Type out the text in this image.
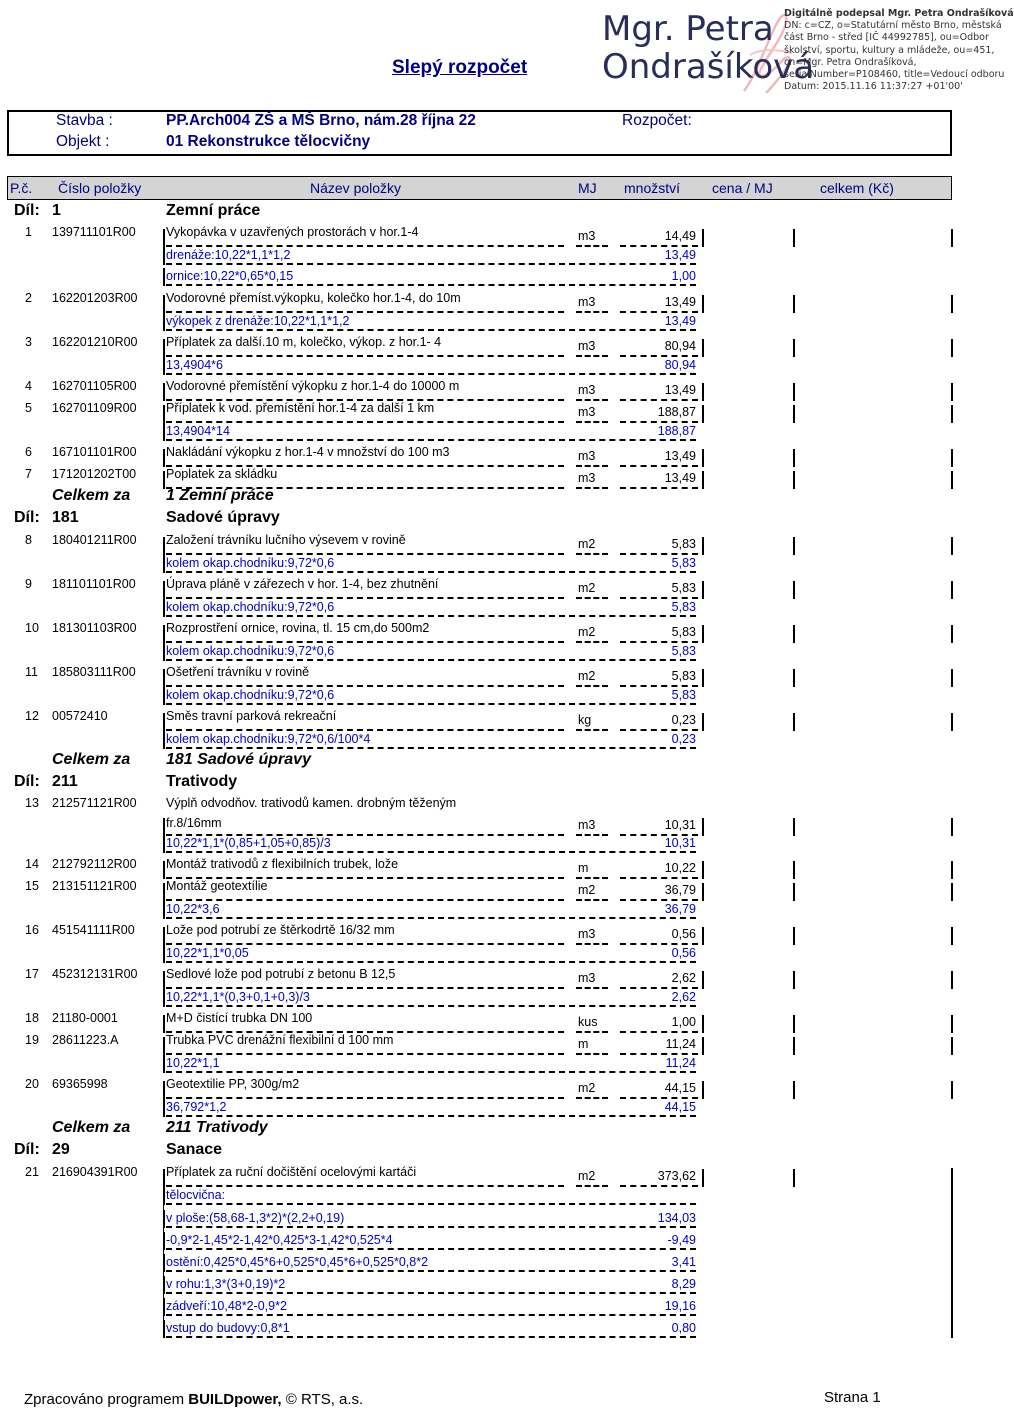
Slepý rozpočet
Mgr. Petra
Ondrašíková
Digitálně podepsal Mgr. Petra Ondrašíková
DN: c=CZ, o=Statutární město Brno, městská
část Brno - střed [IČ 44992785], ou=Odbor
školství, sportu, kultury a mládeže, ou=451,
cn=Mgr. Petra Ondrašíková,
serialNumber=P108460, title=Vedoucí odboru
Datum: 2015.11.16 11:37:27 +01'00'
Stavba :	PP.Arch004 ZŠ a MŠ Brno, nám.28 října 22
Objekt :	01 Rekonstrukce tělocvičny
Rozpočet:
P.č. Číslo položky	Název položky	MJ množství cena / MJ	celkem (Kč)
Díl: 1	Zemní práce
1 139711101R00 Vykopávka v uzavřených prostorách v hor.1-4	m3	14,49
drenáže:10,22*1,1*1,2	13,49
ornice:10,22*0,65*0,15	1,00
2 162201203R00 Vodorovné přemíst.výkopku, kolečko hor.1-4, do 10m	m3	13,49
výkopek z drenáže:10,22*1,1*1,2	13,49
3 162201210R00 Příplatek za další.10 m, kolečko, výkop. z hor.1- 4	m3	80,94
13,4904*6	80,94
4 162701105R00 Vodorovné přemístění výkopku z hor.1-4 do 10000 m	m3	13,49
5 162701109R00 Příplatek k vod. přemístění hor.1-4 za další 1 km	m3	188,87
13,4904*14	188,87
6 167101101R00 Nakládání výkopku z hor.1-4 v množství do 100 m3	m3	13,49
7 171201202T00 Poplatek za skládku	m3	13,49
Celkem za 1 Zemní práce
Díl: 181	Sadové úpravy
8 180401211R00 Založení trávníku lučního výsevem v rovině	m2	5,83
kolem okap.chodníku:9,72*0,6	5,83
9 181101101R00 Úprava pláně v zářezech v hor. 1-4, bez zhutnění	m2	5,83
kolem okap.chodníku:9,72*0,6	5,83
10 181301103R00 Rozprostření ornice, rovina, tl. 15 cm,do 500m2	m2	5,83
kolem okap.chodníku:9,72*0,6	5,83
11 185803111R00 Ošetření trávníku v rovině	m2	5,83
kolem okap.chodníku:9,72*0,6	5,83
12 00572410	Směs travní parková rekreační	kg	0,23
kolem okap.chodníku:9,72*0,6/100*4	0,23
Celkem za 181 Sadové úpravy
Díl: 211	Trativody
13 212571121R00 Výplň odvodňov. trativodů kamen. drobným těženým
fr.8/16mm	m3	10,31
10,22*1,1*(0,85+1,05+0,85)/3	10,31
14 212792112R00 Montáž trativodů z flexibilních trubek, lože	m	10,22
15 213151121R00 Montáž geotextílie	m2	36,79
10,22*3,6	36,79
16 451541111R00	Lože pod potrubí ze štěrkodrtě 16/32 mm	m3	0,56
10,22*1,1*0,05	0,56
17 452312131R00 Sedlové lože pod potrubí z betonu B 12,5	m3	2,62
10,22*1,1*(0,3+0,1+0,3)/3	2,62
18 21180-0001	M+D čistící trubka DN 100	kus	1,00
19 28611223.A	Trubka PVC drenážní flexibilní d 100 mm	m	11,24
10,22*1,1	11,24
20 69365998	Geotextilie PP, 300g/m2	m2	44,15
36,792*1,2	44,15
Celkem za 211 Trativody
Díl: 29	Sanace
21 216904391R00 Příplatek za ruční dočištění ocelovými kartáči	m2	373,62
tělocvična:
v ploše:(58,68-1,3*2)*(2,2+0,19)	134,03
-0,9*2-1,45*2-1,42*0,425*3-1,42*0,525*4	-9,49
ostění:0,425*0,45*6+0,525*0,45*6+0,525*0,8*2	3,41
v rohu:1,3*(3+0,19)*2	8,29
zádveří:10,48*2-0,9*2	19,16
vstup do budovy:0,8*1	0,80
Zpracováno programem BUILDpower, © RTS, a.s.	Strana 1
